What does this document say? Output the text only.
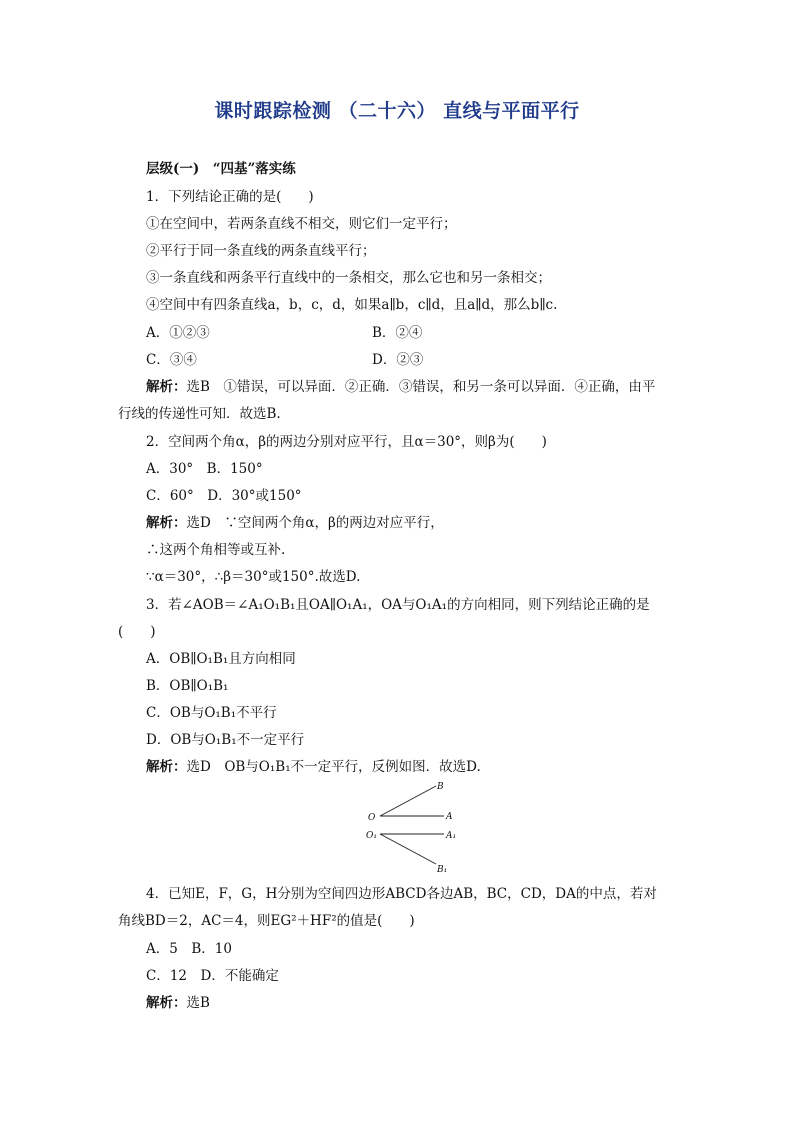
课时跟踪检测 （二十六） 直线与平面平行
层级(一)　“四基”落实练
1．下列结论正确的是(　　)
①在空间中，若两条直线不相交，则它们一定平行；
②平行于同一条直线的两条直线平行；
③一条直线和两条平行直线中的一条相交，那么它也和另一条相交；
④空间中有四条直线a，b，c，d，如果a∥b，c∥d，且a∥d，那么b∥c.
A．①②③	B．②④
C．③④	D．②③
解析：选B　①错误，可以异面．②正确．③错误，和另一条可以异面．④正确，由平
行线的传递性可知．故选B.
2．空间两个角α，β的两边分别对应平行，且α＝30°，则β为(　　)
A．30°　B．150°
C．60°　D．30°或150°
解析：选D　∵空间两个角α，β的两边对应平行，
∴这两个角相等或互补.
∵α＝30°，∴β＝30°或150°.故选D.
3．若∠AOB＝∠A₁O₁B₁且OA∥O₁A₁，OA与O₁A₁的方向相同，则下列结论正确的是
(　　)
A．OB∥O₁B₁且方向相同
B．OB∥O₁B₁
C．OB与O₁B₁不平行
D．OB与O₁B₁不一定平行
解析：选D　OB与O₁B₁不一定平行，反例如图．故选D.
B
O	A
O₁	A₁
B₁
4．已知E，F，G，H分别为空间四边形ABCD各边AB，BC，CD，DA的中点，若对
角线BD＝2，AC＝4，则EG²＋HF²的值是(　　)
A．5　B．10
C．12　D．不能确定
解析：选B
